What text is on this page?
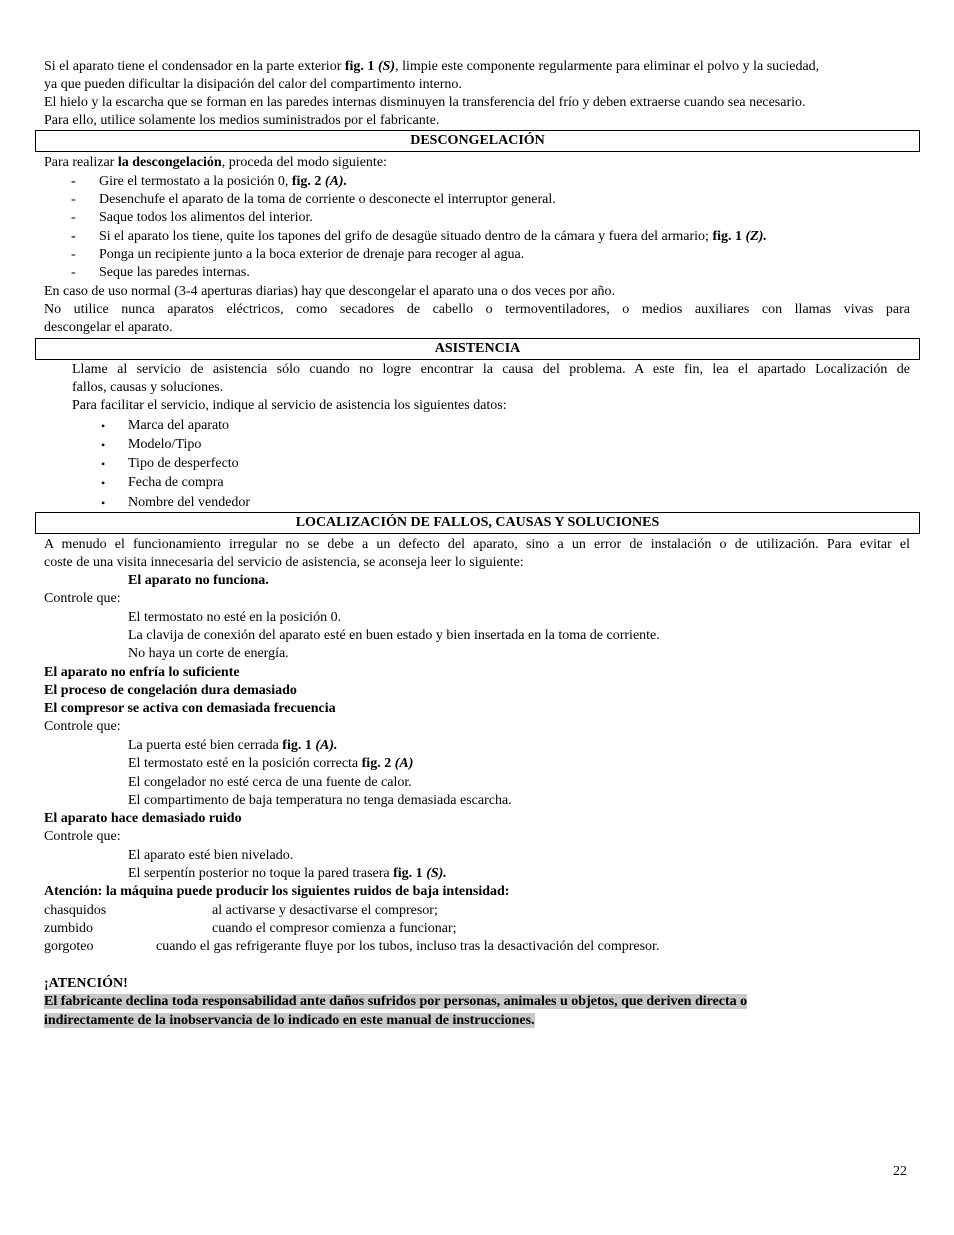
Si el aparato tiene el condensador en la parte exterior fig. 1 (S), limpie este componente regularmente para eliminar el polvo y la suciedad,

ya que pueden dificultar la disipación del calor del compartimento interno.

El hielo y la escarcha que se forman en las paredes internas disminuyen la transferencia del frío y deben extraerse cuando sea necesario.

Para ello, utilice solamente los medios suministrados por el fabricante.

DESCONGELACIÓN

Para realizar la descongelación, proceda del modo siguiente:

-	Gire el termostato a la posición 0, fig. 2 (A).

-	Desenchufe el aparato de la toma de corriente o desconecte el interruptor general.

-	Saque todos los alimentos del interior.

-	Si el aparato los tiene, quite los tapones del grifo de desagüe situado dentro de la cámara y fuera del armario; fig. 1 (Z).

-	Ponga un recipiente junto a la boca exterior de drenaje para recoger al agua.

-	Seque las paredes internas.

En caso de uso normal (3-4 aperturas diarias) hay que descongelar el aparato una o dos veces por año.

No utilice nunca aparatos eléctricos, como secadores de cabello o termoventiladores, o medios auxiliares con llamas vivas para

descongelar el aparato.

ASISTENCIA

Llame al servicio de asistencia sólo cuando no logre encontrar la causa del problema. A este fin, lea el apartado Localización de

fallos, causas y soluciones.

Para facilitar el servicio, indique al servicio de asistencia los siguientes datos:

• Marca del aparato

• Modelo/Tipo

• Tipo de desperfecto

• Fecha de compra

• Nombre del vendedor

LOCALIZACIÓN DE FALLOS, CAUSAS Y SOLUCIONES

A menudo el funcionamiento irregular no se debe a un defecto del aparato, sino a un error de instalación o de utilización. Para evitar el

coste de una visita innecesaria del servicio de asistencia, se aconseja leer lo siguiente:

El aparato no funciona.

Controle que:

El termostato no esté en la posición 0.

La clavija de conexión del aparato esté en buen estado y bien insertada en la toma de corriente.

No haya un corte de energía.

El aparato no enfría lo suficiente

El proceso de congelación dura demasiado

El compresor se activa con demasiada frecuencia

Controle que:

La puerta esté bien cerrada fig. 1 (A).

El termostato esté en la posición correcta fig. 2 (A)

El congelador no esté cerca de una fuente de calor.

El compartimento de baja temperatura no tenga demasiada escarcha.

El aparato hace demasiado ruido

Controle que:

El aparato esté bien nivelado.

El serpentín posterior no toque la pared trasera fig. 1 (S).

Atención: la máquina puede producir los siguientes ruidos de baja intensidad:

chasquidos	al activarse y desactivarse el compresor;

zumbido	cuando el compresor comienza a funcionar;

gorgoteo	cuando el gas refrigerante fluye por los tubos, incluso tras la desactivación del compresor.

¡ATENCIÓN!

El fabricante declina toda responsabilidad ante daños sufridos por personas, animales u objetos, que deriven directa o

indirectamente de la inobservancia de lo indicado en este manual de instrucciones.

22
